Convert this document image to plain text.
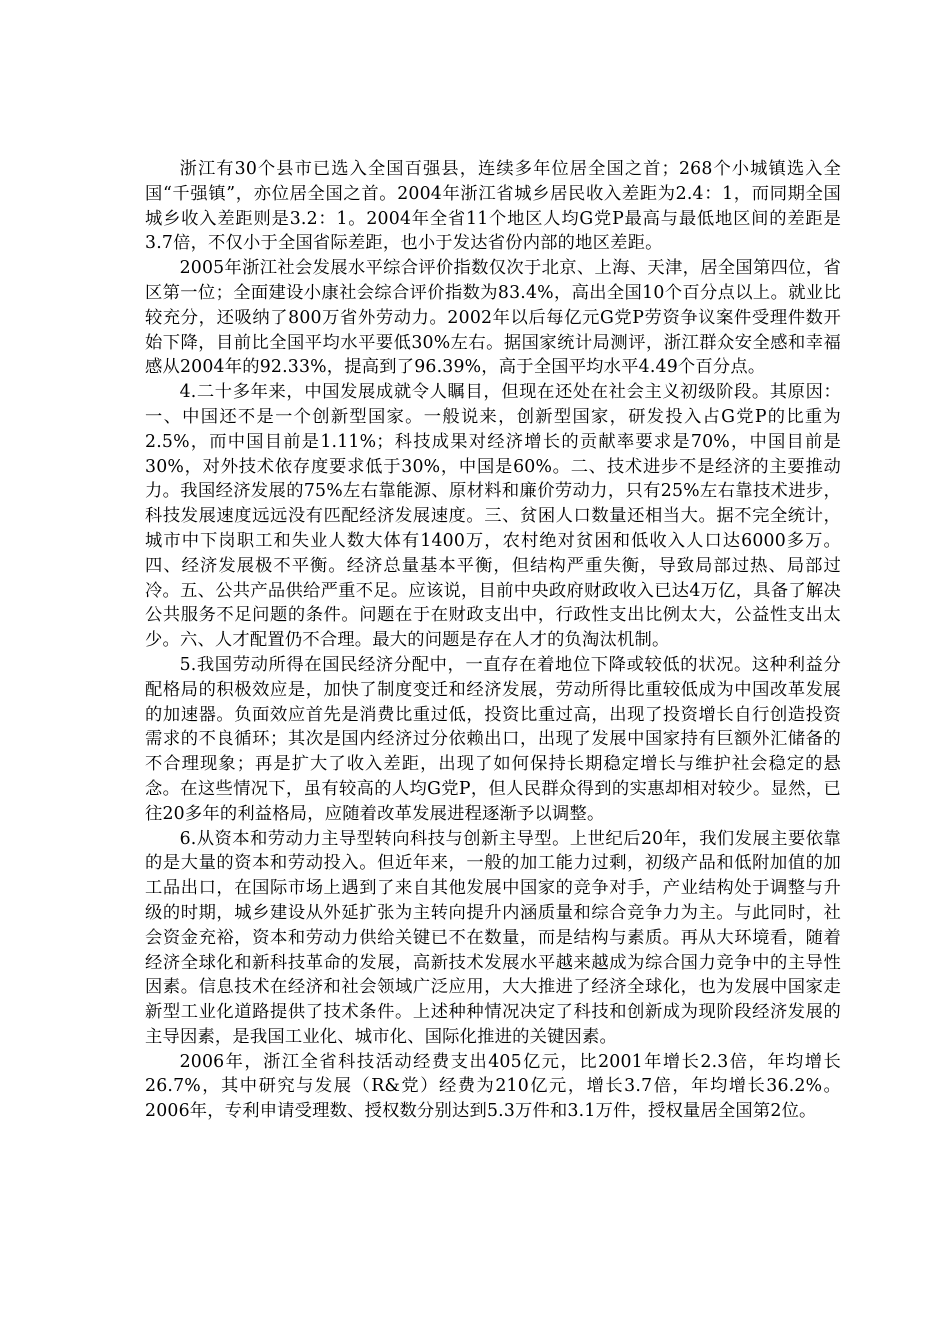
浙江有30个县市已选入全国百强县，连续多年位居全国之首；268个小城镇选入全国“千强镇”，亦位居全国之首。2004年浙江省城乡居民收入差距为2.4：1，而同期全国城乡收入差距则是3.2：1。2004年全省11个地区人均G党P最高与最低地区间的差距是3.7倍，不仅小于全国省际差距，也小于发达省份内部的地区差距。

2005年浙江社会发展水平综合评价指数仅次于北京、上海、天津，居全国第四位，省区第一位；全面建设小康社会综合评价指数为83.4%，高出全国10个百分点以上。就业比较充分，还吸纳了800万省外劳动力。2002年以后每亿元G党P劳资争议案件受理件数开始下降，目前比全国平均水平要低30%左右。据国家统计局测评，浙江群众安全感和幸福感从2004年的92.33%，提高到了96.39%，高于全国平均水平4.49个百分点。

4.二十多年来，中国发展成就令人瞩目，但现在还处在社会主义初级阶段。其原因：一、中国还不是一个创新型国家。一般说来，创新型国家，研发投入占G党P的比重为2.5%，而中国目前是1.11%；科技成果对经济增长的贡献率要求是70%，中国目前是30%，对外技术依存度要求低于30%，中国是60%。二、技术进步不是经济的主要推动力。我国经济发展的75%左右靠能源、原材料和廉价劳动力，只有25%左右靠技术进步，科技发展速度远远没有匹配经济发展速度。三、贫困人口数量还相当大。据不完全统计，城市中下岗职工和失业人数大体有1400万，农村绝对贫困和低收入人口达6000多万。四、经济发展极不平衡。经济总量基本平衡，但结构严重失衡，导致局部过热、局部过冷。五、公共产品供给严重不足。应该说，目前中央政府财政收入已达4万亿，具备了解决公共服务不足问题的条件。问题在于在财政支出中，行政性支出比例太大，公益性支出太少。六、人才配置仍不合理。最大的问题是存在人才的负淘汰机制。

5.我国劳动所得在国民经济分配中，一直存在着地位下降或较低的状况。这种利益分配格局的积极效应是，加快了制度变迁和经济发展，劳动所得比重较低成为中国改革发展的加速器。负面效应首先是消费比重过低，投资比重过高，出现了投资增长自行创造投资需求的不良循环；其次是国内经济过分依赖出口，出现了发展中国家持有巨额外汇储备的不合理现象；再是扩大了收入差距，出现了如何保持长期稳定增长与维护社会稳定的悬念。在这些情况下，虽有较高的人均G党P，但人民群众得到的实惠却相对较少。显然，已往20多年的利益格局，应随着改革发展进程逐渐予以调整。

6.从资本和劳动力主导型转向科技与创新主导型。上世纪后20年，我们发展主要依靠的是大量的资本和劳动投入。但近年来，一般的加工能力过剩，初级产品和低附加值的加工品出口，在国际市场上遇到了来自其他发展中国家的竞争对手，产业结构处于调整与升级的时期，城乡建设从外延扩张为主转向提升内涵质量和综合竞争力为主。与此同时，社会资金充裕，资本和劳动力供给关键已不在数量，而是结构与素质。再从大环境看，随着经济全球化和新科技革命的发展，高新技术发展水平越来越成为综合国力竞争中的主导性因素。信息技术在经济和社会领域广泛应用，大大推进了经济全球化，也为发展中国家走新型工业化道路提供了技术条件。上述种种情况决定了科技和创新成为现阶段经济发展的主导因素，是我国工业化、城市化、国际化推进的关键因素。

2006年，浙江全省科技活动经费支出405亿元，比2001年增长2.3倍，年均增长26.7%，其中研究与发展（R&党）经费为210亿元，增长3.7倍，年均增长36.2%。2006年，专利申请受理数、授权数分别达到5.3万件和3.1万件，授权量居全国第2位。
